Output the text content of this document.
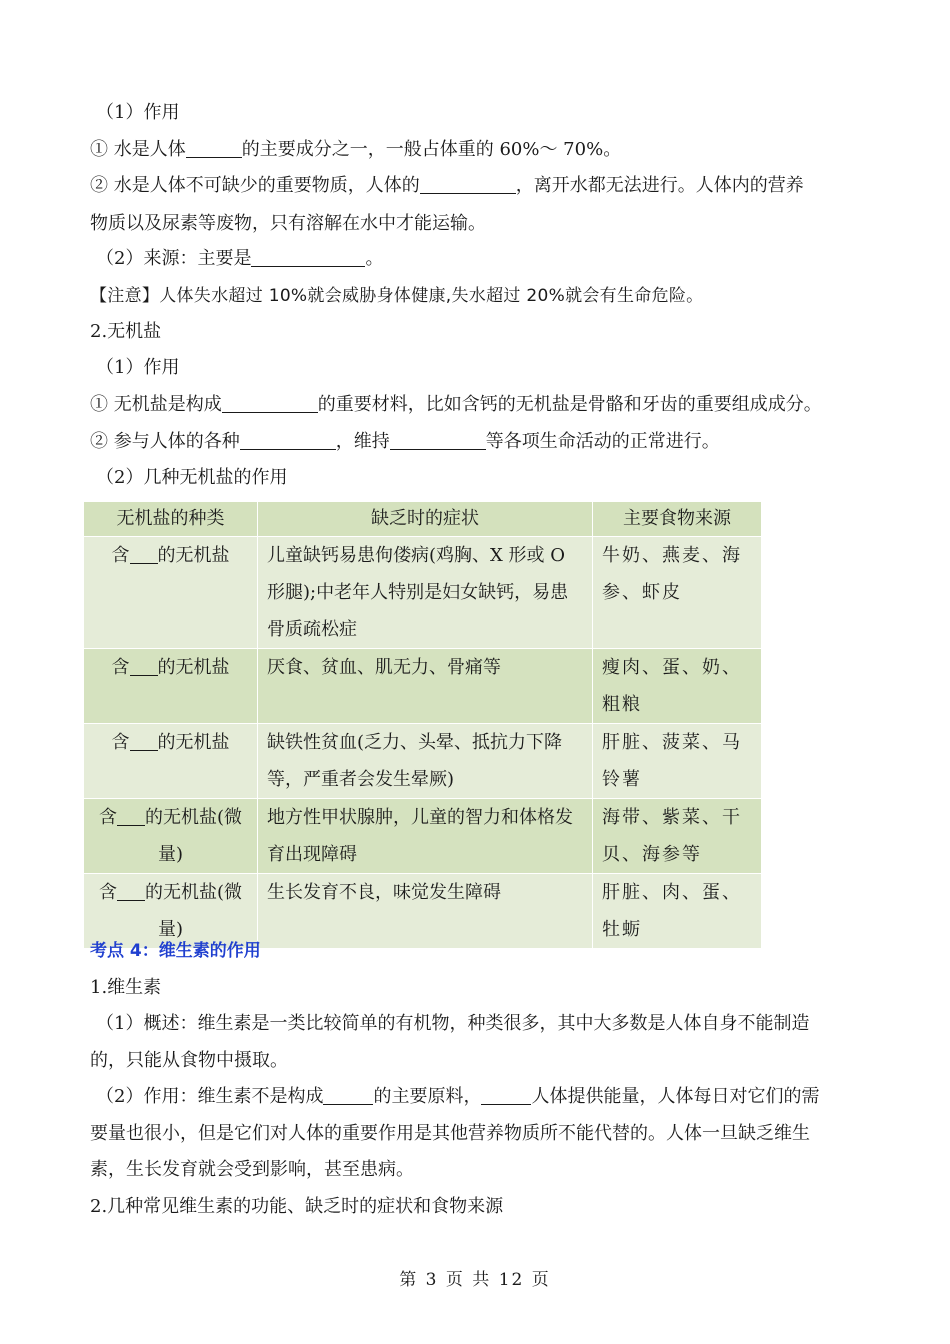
（1）作用
① 水是人体	的主要成分之一，一般占体重的 60%～ 70%。
② 水是人体不可缺少的重要物质，人体的	，离开水都无法进行。人体内的营养
物质以及尿素等废物，只有溶解在水中才能运输。
（2）来源：主要是	。
【注意】人体失水超过 10%就会威胁身体健康,失水超过 20%就会有生命危险。
2.无机盐
（1）作用
① 无机盐是构成	的重要材料，比如含钙的无机盐是骨骼和牙齿的重要组成成分。
② 参与人体的各种	，维持	等各项生命活动的正常进行。
（2）几种无机盐的作用
无机盐的种类	缺乏时的症状	主要食物来源
含 的无机盐	儿童缺钙易患佝偻病(鸡胸、X 形或 O 形腿);中老年人特别是妇女缺钙，易患骨质疏松症	牛奶、燕麦、海参、虾皮
含 的无机盐	厌食、贫血、肌无力、骨痛等	瘦肉、蛋、奶、粗粮
含 的无机盐	缺铁性贫血(乏力、头晕、抵抗力下降等，严重者会发生晕厥)	肝脏、菠菜、马铃薯
含 的无机盐(微量)	地方性甲状腺肿，儿童的智力和体格发育出现障碍	海带、紫菜、干贝、海参等
含 的无机盐(微量)	生长发育不良，味觉发生障碍	肝脏、肉、蛋、牡蛎
考点 4：维生素的作用
1.维生素
（1）概述：维生素是一类比较简单的有机物，种类很多，其中大多数是人体自身不能制造
的，只能从食物中摄取。
（2）作用：维生素不是构成	的主要原料，	人体提供能量，人体每日对它们的需
要量也很小，但是它们对人体的重要作用是其他营养物质所不能代替的。人体一旦缺乏维生
素，生长发育就会受到影响，甚至患病。
2.几种常见维生素的功能、缺乏时的症状和食物来源
第 3 页 共 12 页
